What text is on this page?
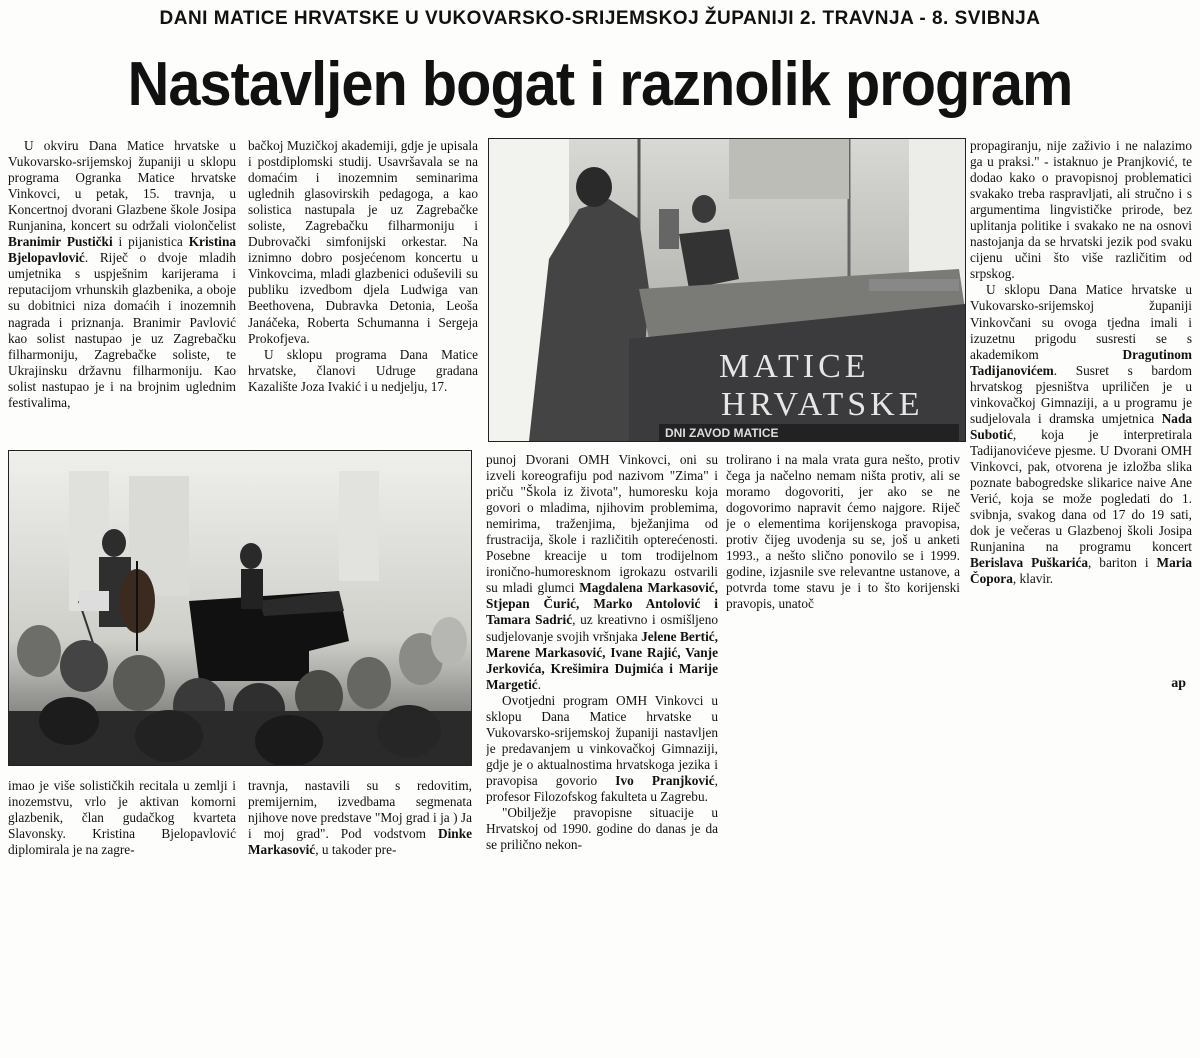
DANI MATICE HRVATSKE U VUKOVARSKO-SRIJEMSKOJ ŽUPANIJI 2. TRAVNJA - 8. SVIBNJA
Nastavljen bogat i raznolik program

U okviru Dana Matice hrvatske u Vukovarsko-srijemskoj županiji u sklopu programa Ogranka Matice hrvatske Vinkovci, u petak, 15. travnja, u Koncertnoj dvorani Glazbene škole Josipa Runjanina, koncert su održali violončelist Branimir Pustički i pijanistica Kristina Bjelopavlović. Riječ o dvoje mladih umjetnika s uspješnim karijerama i reputacijom vrhunskih glazbenika, a oboje su dobitnici niza domaćih i inozemnih nagrada i priznanja. Branimir Pavlović kao solist nastupao je uz Zagrebačku filharmoniju, Zagrebačke soliste, te Ukrajinsku državnu filharmoniju. Kao solist nastupao je i na brojnim uglednim festivalima,

bačkoj Muzičkoj akademiji, gdje je upisala i postdiplomski studij. Usavršavala se na domaćim i inozemnim seminarima uglednih glasovirskih pedagoga, a kao solistica nastupala je uz Zagrebačke soliste, Zagrebačku filharmoniju i Dubrovački simfonijski orkestar. Na iznimno dobro posjećenom koncertu u Vinkovcima, mladi glazbenici oduševili su publiku izvedbom djela Ludwiga van Beethovena, Dubravka Detonia, Leoša Janáčeka, Roberta Schumanna i Sergeja Prokofjeva.

U sklopu programa Dana Matice hrvatske, članovi Udruge gradana Kazalište Joza Ivakić i u nedjelju, 17.

MATICE
HRVATSKE
DNI ZAVOD MATICE

imao je više solističkih recitala u zemlji i inozemstvu, vrlo je aktivan komorni glazbenik, član gudačkog kvarteta Slavonsky. Kristina Bjelopavlović diplomirala je na zagre-

travnja, nastavili su s redovitim, premijernim, izvedbama segmenata njihove nove predstave "Moj grad i ja ) Ja i moj grad". Pod vodstvom Dinke Markasović, u takoder pre-

punoj Dvorani OMH Vinkovci, oni su izveli koreografiju pod nazivom "Zima" i priču "Škola iz života", humoresku koja govori o mladima, njihovim problemima, nemirima, traženjima, bježanjima od frustracija, škole i različitih opterećenosti. Posebne kreacije u tom trodijelnom ironično-humoresknom igrokazu ostvarili su mladi glumci Magdalena Markasović, Stjepan Čurić, Marko Antolović i Tamara Sadrić, uz kreativno i osmišljeno sudjelovanje svojih vršnjaka Jelene Bertić, Marene Markasović, Ivane Rajić, Vanje Jerkovića, Krešimira Dujmića i Marije Margetić.

Ovotjedni program OMH Vinkovci u sklopu Dana Matice hrvatske u Vukovarsko-srijemskoj županiji nastavljen je predavanjem u vinkovačkoj Gimnaziji, gdje je o aktualnostima hrvatskoga jezika i pravopisa govorio Ivo Pranjković, profesor Filozofskog fakulteta u Zagrebu.

"Obilježje pravopisne situacije u Hrvatskoj od 1990. godine do danas je da se prilično nekon-

trolirano i na mala vrata gura nešto, protiv čega ja načelno nemam ništa protiv, ali se moramo dogovoriti, jer ako se ne dogovorimo napravit ćemo najgore. Riječ je o elementima korijenskoga pravopisa, protiv čijeg uvodenja su se, još u anketi 1993., a nešto slično ponovilo se i 1999. godine, izjasnile sve relevantne ustanove, a potvrda tome stavu je i to što korijenski pravopis, unatoč

propagiranju, nije zaživio i ne nalazimo ga u praksi." - istaknuo je Pranjković, te dodao kako o pravopisnoj problematici svakako treba raspravljati, ali stručno i s argumentima lingvističke prirode, bez uplitanja politike i svakako ne na osnovi nastojanja da se hrvatski jezik pod svaku cijenu učini što više različitim od srpskog.

U sklopu Dana Matice hrvatske u Vukovarsko-srijemskoj županiji Vinkovčani su ovoga tjedna imali i izuzetnu prigodu susresti se s akademikom Dragutinom Tadijanovićem. Susret s bardom hrvatskog pjesništva upriličen je u vinkovačkoj Gimnaziji, a u programu je sudjelovala i dramska umjetnica Nada Subotić, koja je interpretirala Tadijanovićeve pjesme. U Dvorani OMH Vinkovci, pak, otvorena je izložba slika poznate babogredske slikarice naive Ane Verić, koja se može pogledati do 1. svibnja, svakog dana od 17 do 19 sati, dok je večeras u Glazbenoj školi Josipa Runjanina na programu koncert Berislava Puškarića, bariton i Maria Čopora, klavir.

ap
